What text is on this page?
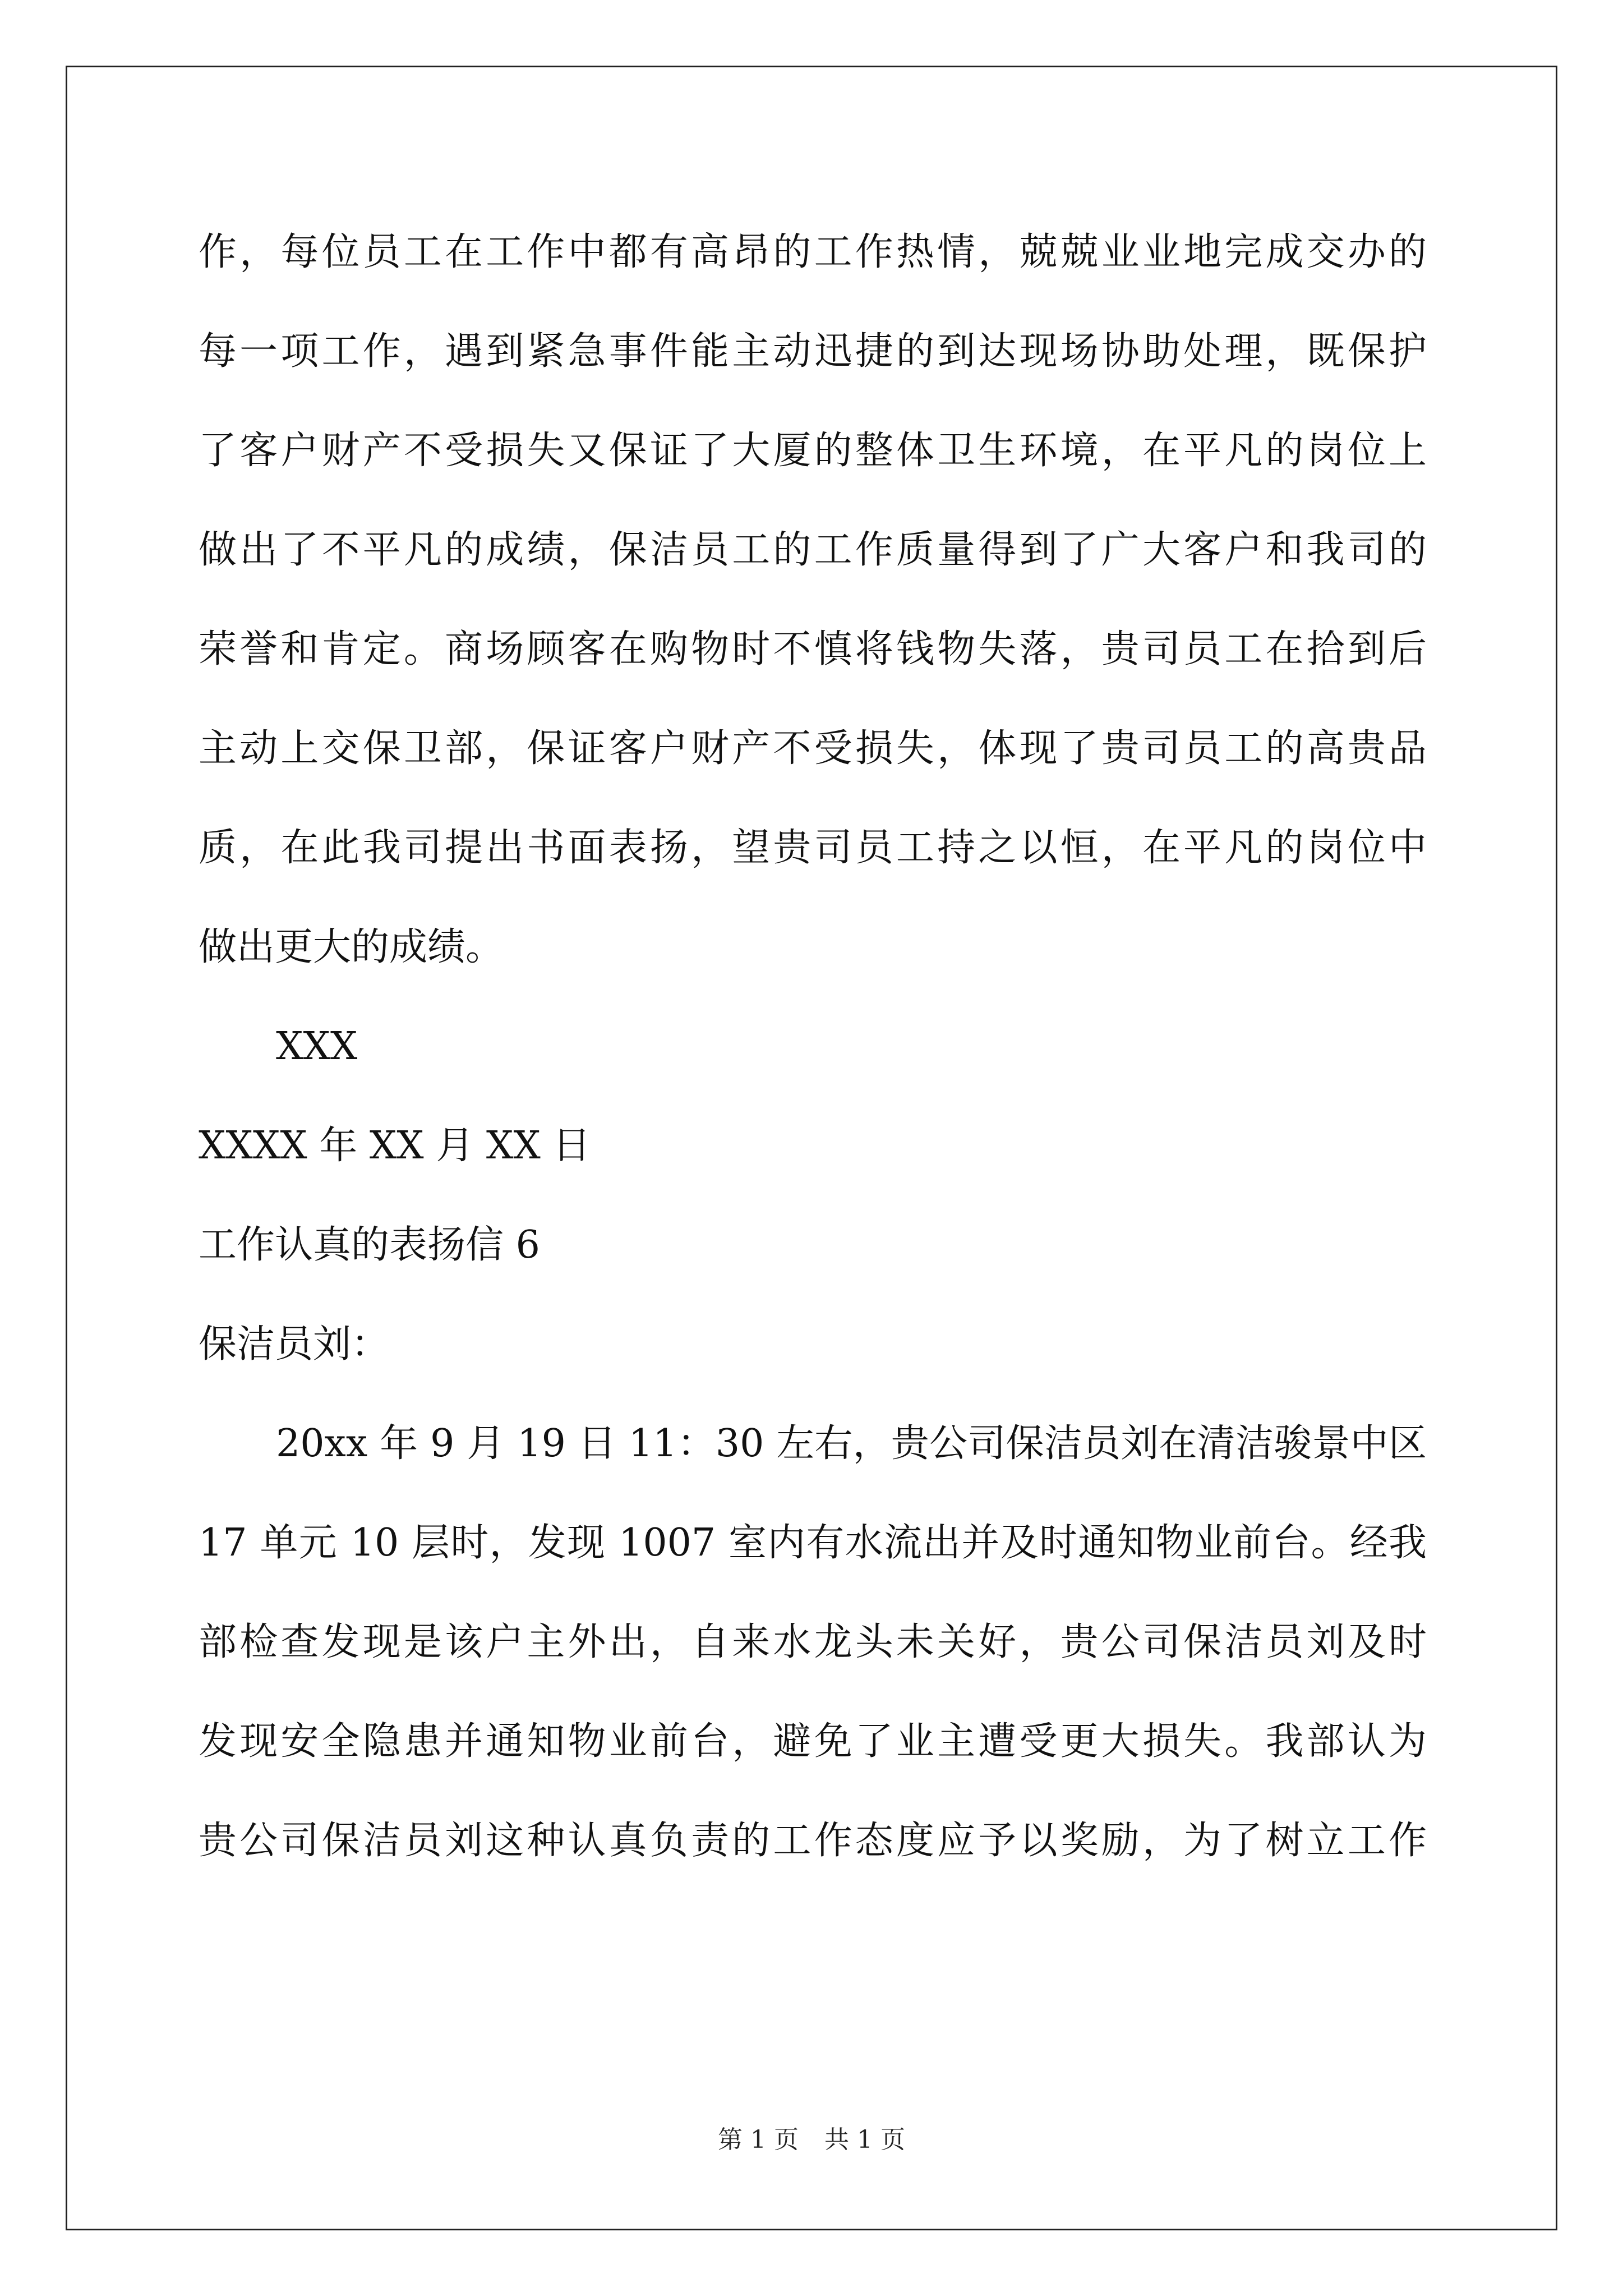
作，每位员工在工作中都有高昂的工作热情，兢兢业业地完成交办的
每一项工作，遇到紧急事件能主动迅捷的到达现场协助处理，既保护
了客户财产不受损失又保证了大厦的整体卫生环境，在平凡的岗位上
做出了不平凡的成绩，保洁员工的工作质量得到了广大客户和我司的
荣誉和肯定。商场顾客在购物时不慎将钱物失落，贵司员工在拾到后
主动上交保卫部，保证客户财产不受损失，体现了贵司员工的高贵品
质，在此我司提出书面表扬，望贵司员工持之以恒，在平凡的岗位中
做出更大的成绩。
XXX
XXXX 年 XX 月 XX 日
工作认真的表扬信 6
保洁员刘：
20xx 年 9 月 19 日 11：30 左右，贵公司保洁员刘在清洁骏景中区
17 单元 10 层时，发现 1007 室内有水流出并及时通知物业前台。经我
部检查发现是该户主外出，自来水龙头未关好，贵公司保洁员刘及时
发现安全隐患并通知物业前台，避免了业主遭受更大损失。我部认为
贵公司保洁员刘这种认真负责的工作态度应予以奖励，为了树立工作
第 1 页 共 1 页
